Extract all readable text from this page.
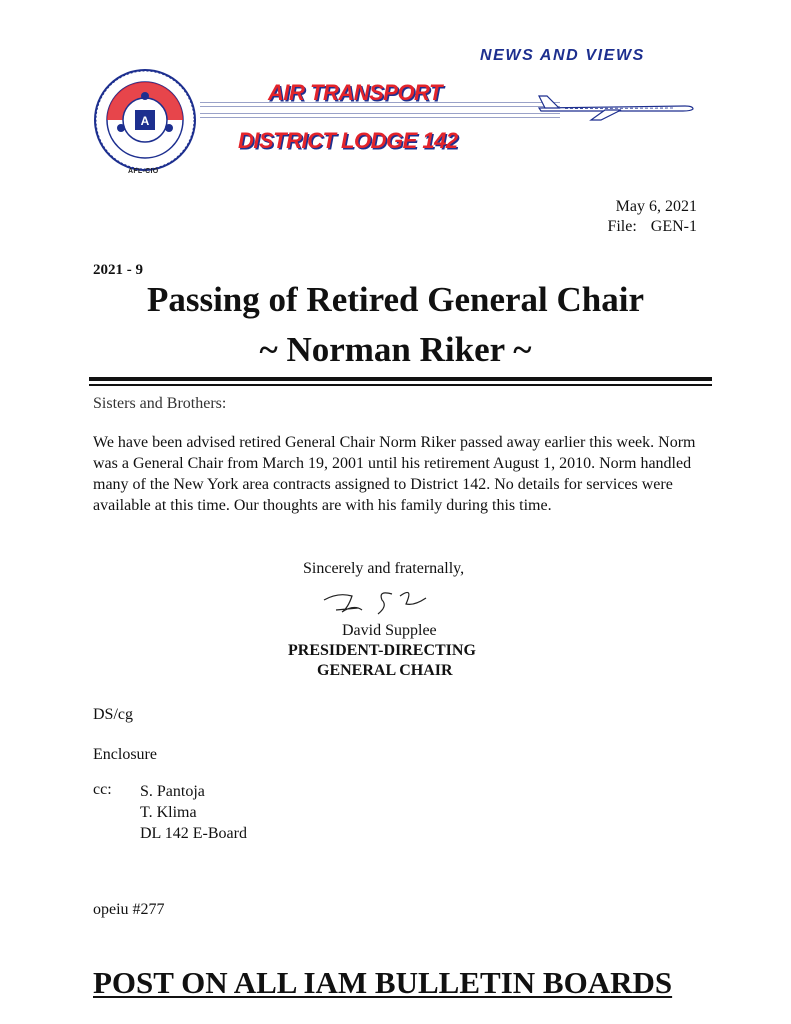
A
AFL-CIO
NEWS AND VIEWS
AIR TRANSPORT
DISTRICT LODGE 142
May 6, 2021
File: GEN-1
2021 - 9
Passing of Retired General Chair
~ Norman Riker ~
Sisters and Brothers:
We have been advised retired General Chair Norm Riker passed away earlier this week. Norm was a General Chair from March 19, 2001 until his retirement August 1, 2010. Norm handled many of the New York area contracts assigned to District 142. No details for services were available at this time. Our thoughts are with his family during this time.
Sincerely and fraternally,
David Supplee
PRESIDENT-DIRECTING
GENERAL CHAIR
DS/cg
Enclosure
cc: S. Pantoja
T. Klima
DL 142 E-Board
opeiu #277
POST ON ALL IAM BULLETIN BOARDS
